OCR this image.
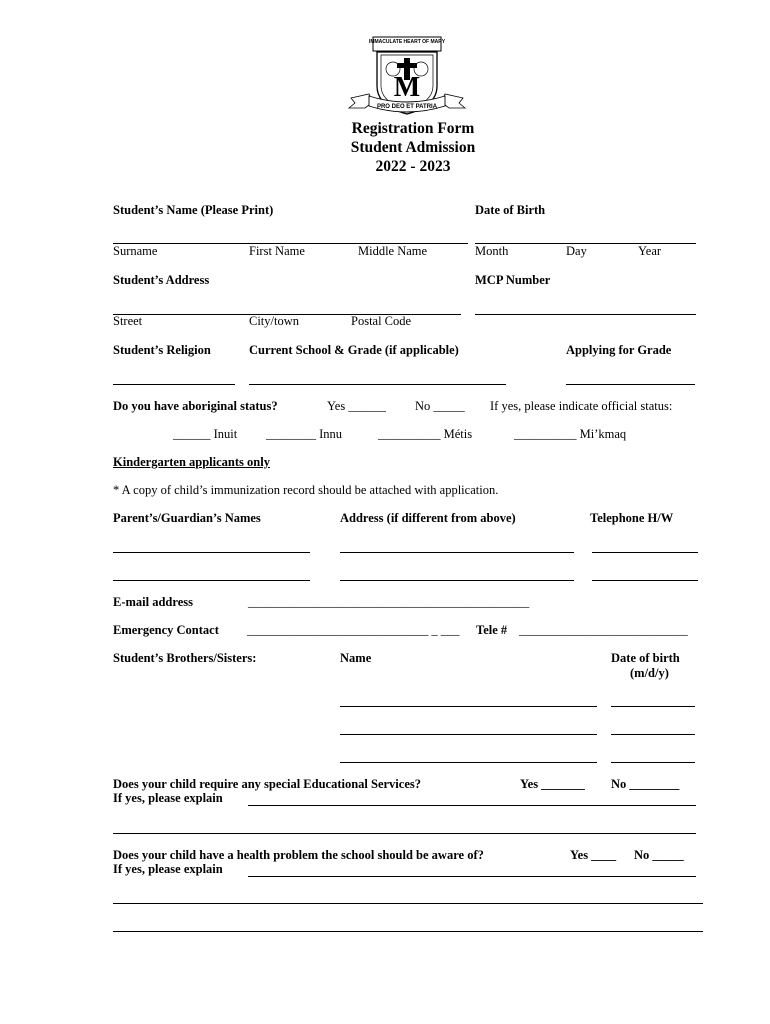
IMMACULATE HEART OF MARY
M
PRO DEO ET PATRIA
Registration Form
Student Admission
2022 - 2023
Student’s Name (Please Print)	Date of Birth
Surname	First Name	Middle Name	Month	Day	Year
Student’s Address	MCP Number
Street	City/town	Postal Code
Student’s Religion	Current School & Grade (if applicable)	Applying for Grade
Do you have aboriginal status?	Yes ______ No _____ If yes, please indicate official status:
______ Inuit ________ Innu	__________ Métis	__________ Mi’kmaq
Kindergarten applicants only
* A copy of child’s immunization record should be attached with application.
Parent’s/Guardian’s Names	Address (if different from above)	Telephone H/W
E-mail address	_____________________________________________
Emergency Contact _____________________________ _ ___ Tele # ___________________________
Student’s Brothers/Sisters:	Name	Date of birth
(m/d/y)
Does your child require any special Educational Services?	Yes _______ No ________
If yes, please explain
Does your child have a health problem the school should be aware of?	Yes ____ No _____
If yes, please explain
